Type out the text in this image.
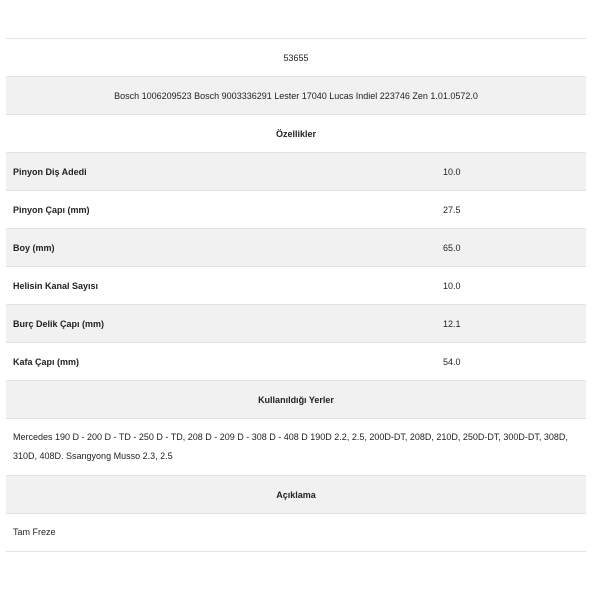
53655
Bosch 1006209523 Bosch 9003336291 Lester 17040 Lucas Indiel 223746 Zen 1.01.0572.0
Özellikler
Pinyon Diş Adedi	10.0
Pinyon Çapı (mm)	27.5
Boy (mm)	65.0
Helisin Kanal Sayısı	10.0
Burç Delik Çapı (mm)	12.1
Kafa Çapı (mm)	54.0
Kullanıldığı Yerler
Mercedes 190 D - 200 D - TD - 250 D - TD, 208 D - 209 D - 308 D - 408 D 190D 2.2, 2.5, 200D-DT, 208D, 210D, 250D-DT, 300D-DT, 308D, 310D, 408D. Ssangyong Musso 2.3, 2.5
Açıklama
Tam Freze
